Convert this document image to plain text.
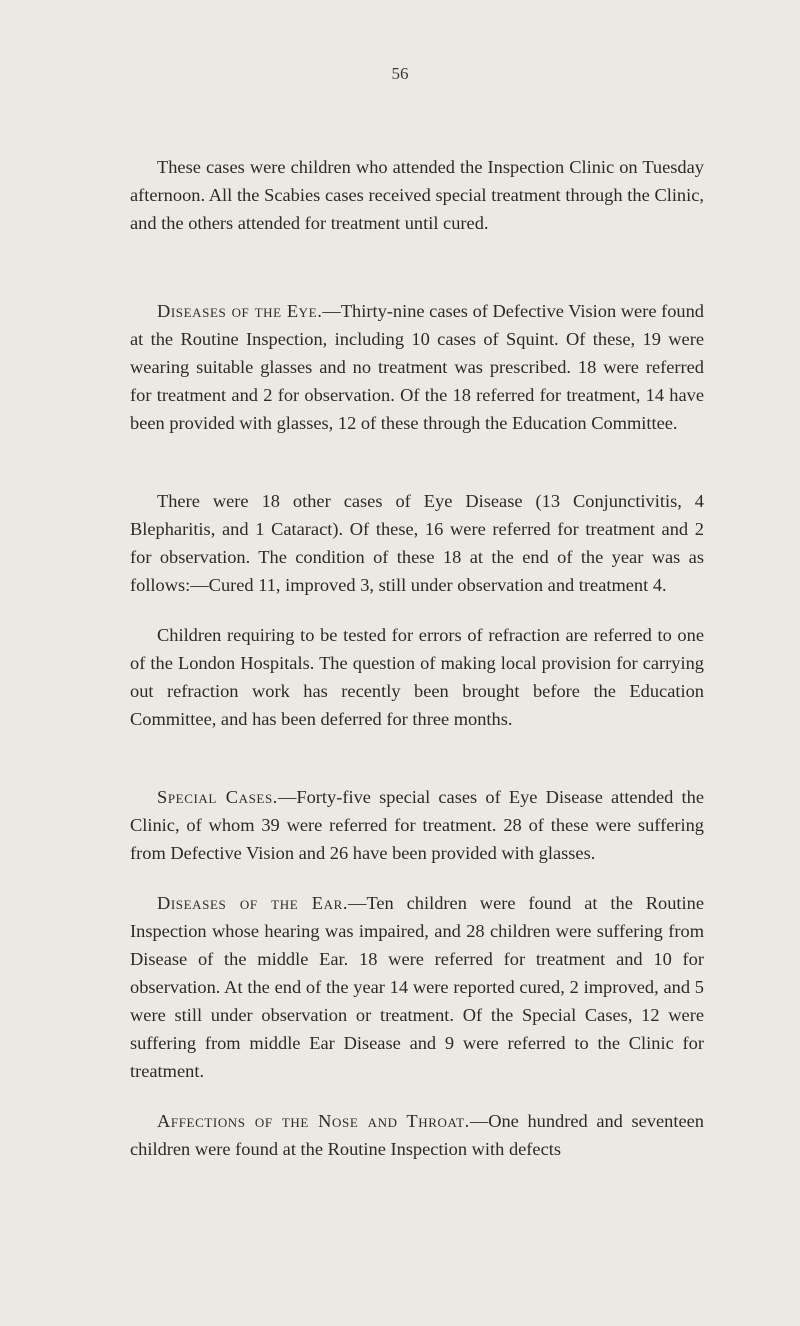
56

These cases were children who attended the Inspection Clinic on Tuesday afternoon. All the Scabies cases received special treatment through the Clinic, and the others attended for treatment until cured.

Diseases of the Eye.—Thirty-nine cases of Defective Vision were found at the Routine Inspection, including 10 cases of Squint. Of these, 19 were wearing suitable glasses and no treatment was prescribed. 18 were referred for treatment and 2 for observation. Of the 18 referred for treatment, 14 have been provided with glasses, 12 of these through the Education Committee.

There were 18 other cases of Eye Disease (13 Conjunctivitis, 4 Blepharitis, and 1 Cataract). Of these, 16 were referred for treatment and 2 for observation. The condition of these 18 at the end of the year was as follows:—Cured 11, improved 3, still under observation and treatment 4.

Children requiring to be tested for errors of refraction are referred to one of the London Hospitals. The question of making local provision for carrying out refraction work has recently been brought before the Education Committee, and has been deferred for three months.

Special Cases.—Forty-five special cases of Eye Disease attended the Clinic, of whom 39 were referred for treatment. 28 of these were suffering from Defective Vision and 26 have been provided with glasses.

Diseases of the Ear.—Ten children were found at the Routine Inspection whose hearing was impaired, and 28 children were suffering from Disease of the middle Ear. 18 were referred for treatment and 10 for observation. At the end of the year 14 were reported cured, 2 improved, and 5 were still under observation or treatment. Of the Special Cases, 12 were suffering from middle Ear Disease and 9 were referred to the Clinic for treatment.

Affections of the Nose and Throat.—One hundred and seventeen children were found at the Routine Inspection with defects
